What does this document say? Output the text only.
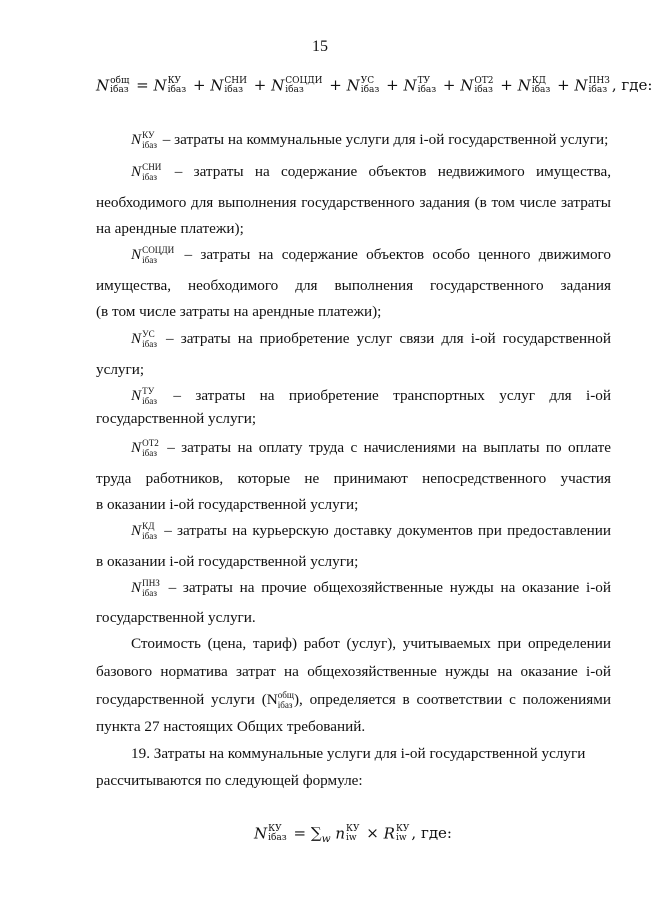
15
N общ
iбаз = N КУ
iбаз + N СНИ
iбаз + N СОЦДИ
iбаз	+ N УС
iбаз + N ТУ
iбаз + N ОТ2
iбаз + N КД
iбаз + N ПНЗ
iбаз , где:
N КУ
iбаз – затраты на коммунальные услуги для i-ой государственной услуги;
N СНИ
iбаз – затраты на содержание объектов недвижимого имущества,
необходимого для выполнения государственного задания (в том числе затраты
на арендные платежи);
N СОЦДИ
iбаз	– затраты на содержание объектов особо ценного движимого
имущества, необходимого для выполнения государственного задания
(в том числе затраты на арендные платежи);
N УС
iбаз – затраты на приобретение услуг связи для i-ой государственной
услуги;
N ТУ
iбаз – затраты на приобретение транспортных услуг для i-ой
государственной услуги;
N ОТ2
iбаз – затраты на оплату труда с начислениями на выплаты по оплате
труда работников, которые не принимают непосредственного участия
в оказании i-ой государственной услуги;
N КД
iбаз – затраты на курьерскую доставку документов при предоставлении
в оказании i-ой государственной услуги;
N ПНЗ
iбаз – затраты на прочие общехозяйственные нужды на оказание i-ой
государственной услуги.
Стоимость (цена, тариф) работ (услуг), учитываемых при определении
базового норматива затрат на общехозяйственные нужды на оказание i-ой
государственной услуги (N общ
iбаз ), определяется в соответствии с положениями
пункта 27 настоящих Общих требований.
19. Затраты на коммунальные услуги для i-ой государственной услуги
рассчитываются по следующей формуле:
N КУ
iбаз = $\sum_w$ n КУ
iw × R КУ
iw , где:
